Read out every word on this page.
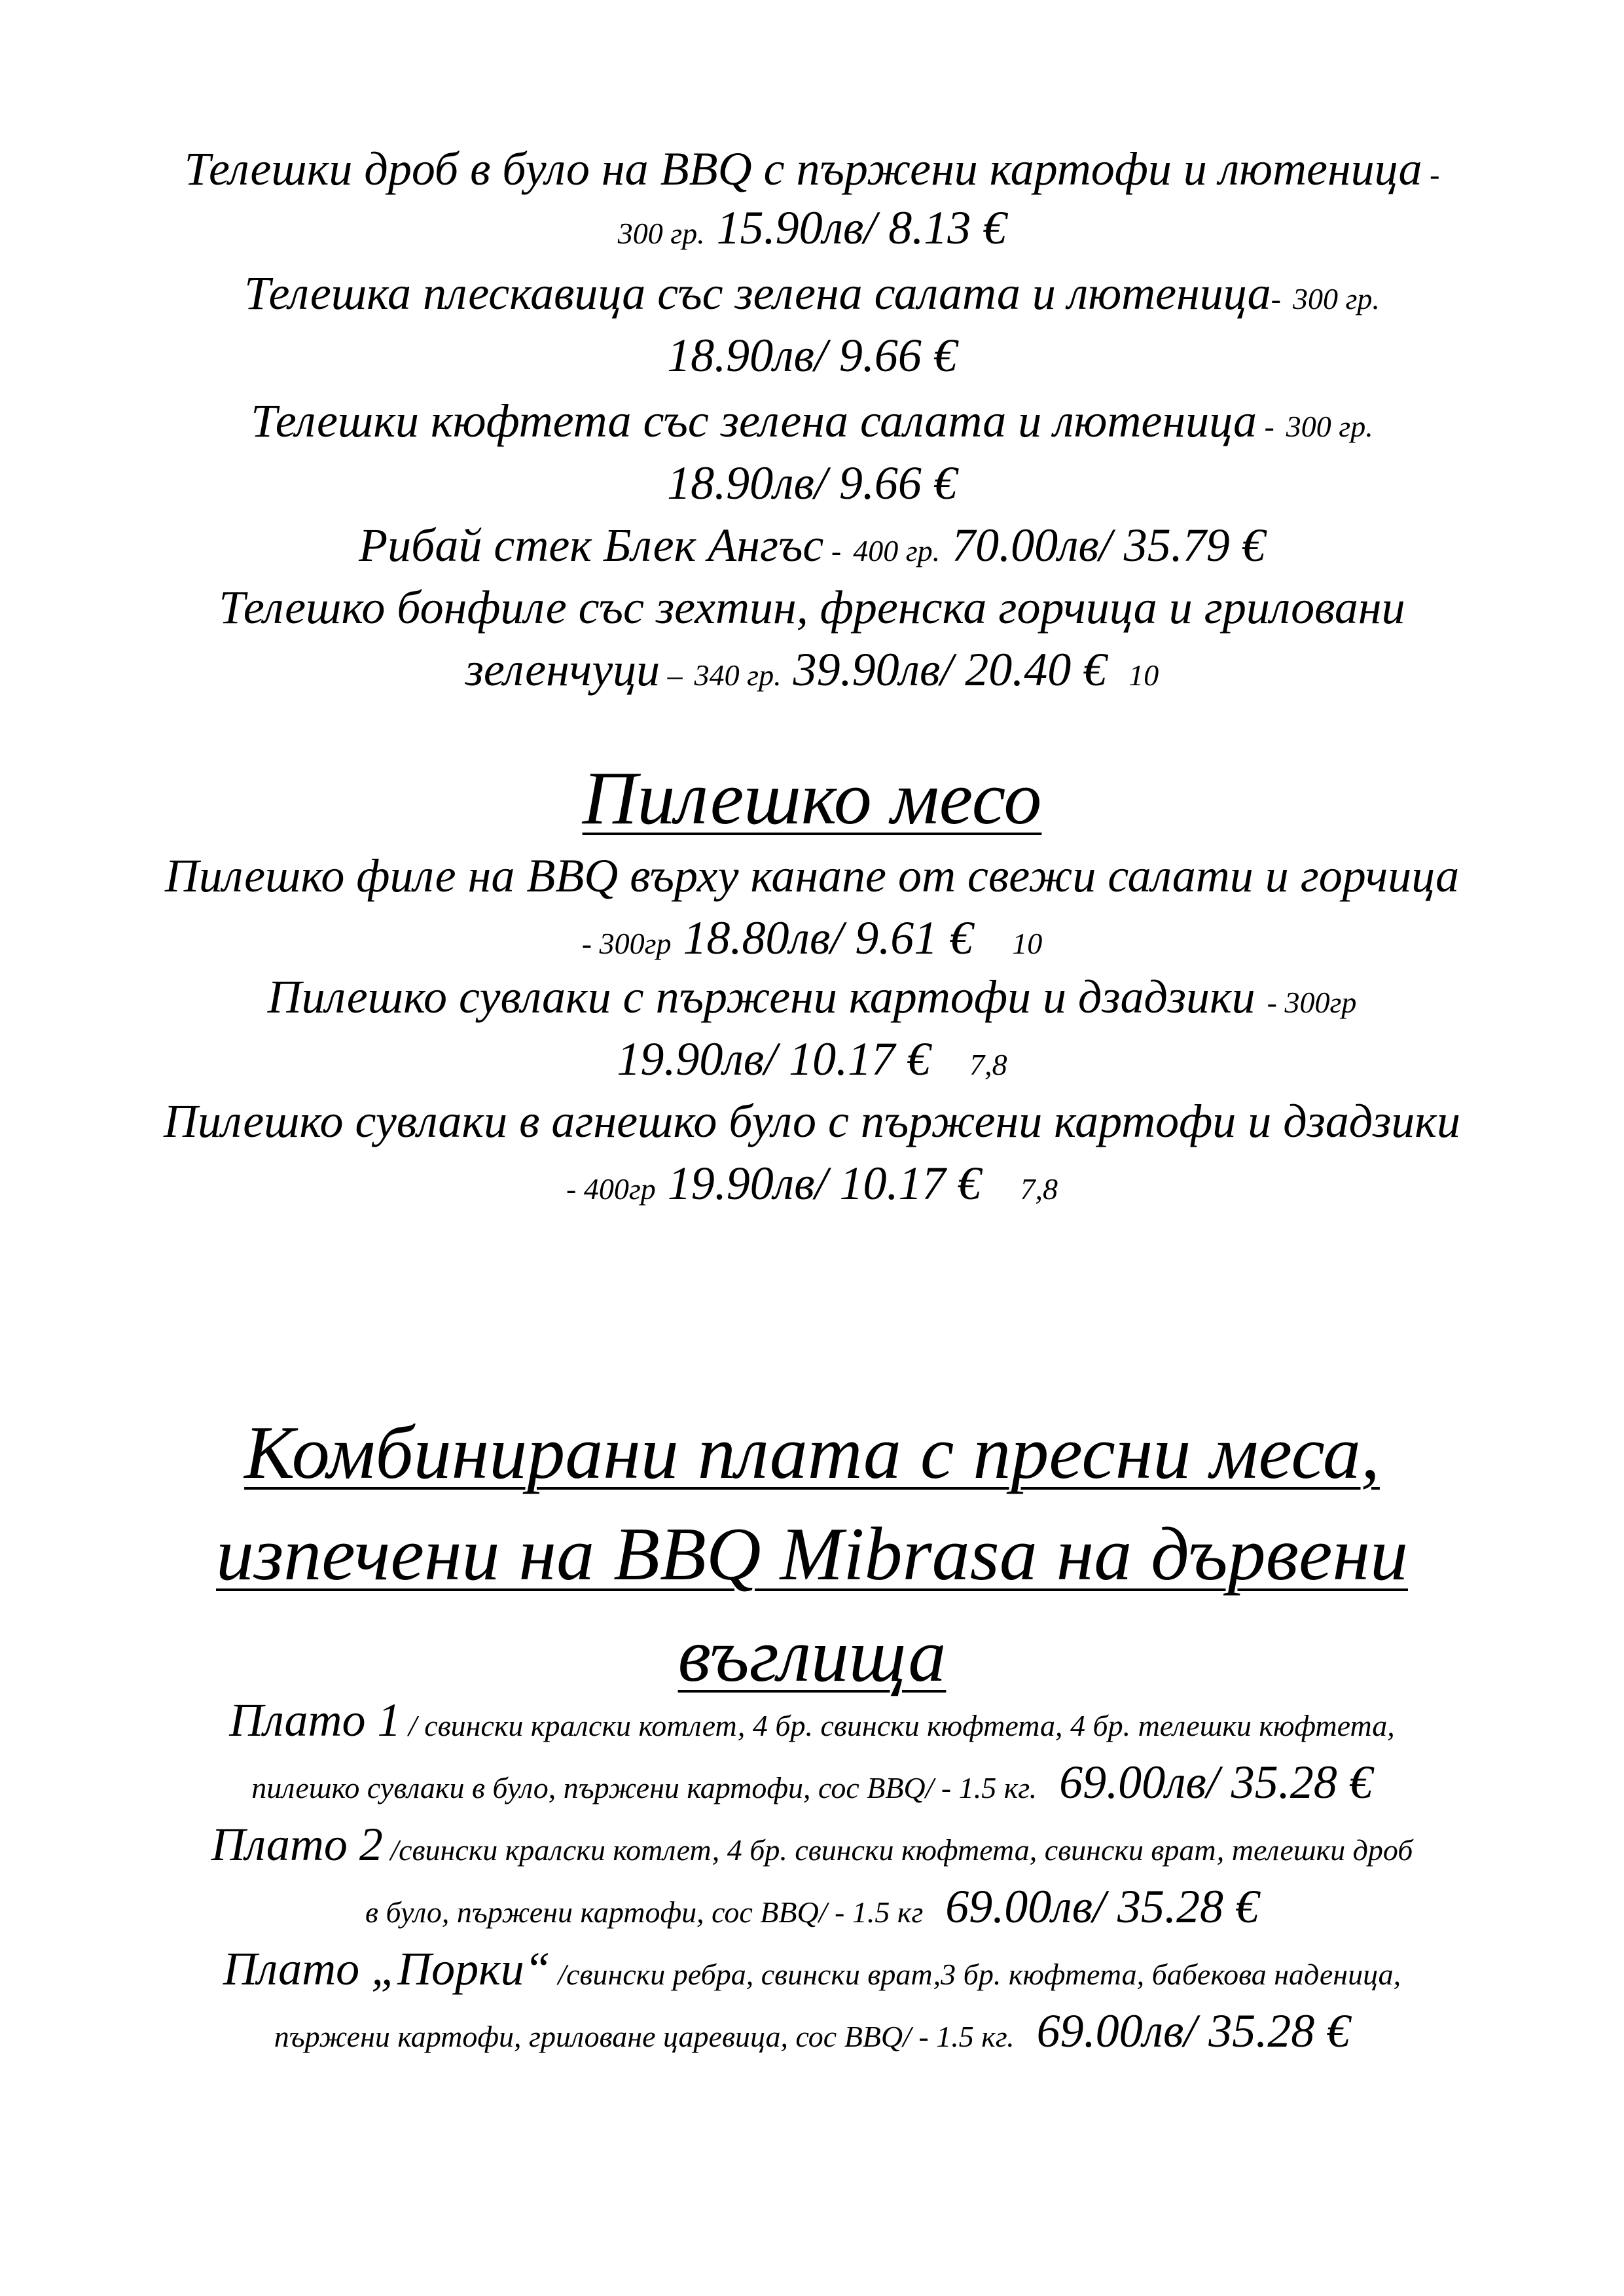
Телешки дроб в було на BBQ с пържени картофи и лютеница -
300 гр. 15.90лв/ 8.13 €
Телешка плескавица със зелена салата и лютеница- 300 гр.
18.90лв/ 9.66 €
Телешки кюфтета със зелена салата и лютеница - 300 гр.
18.90лв/ 9.66 €
Рибай стек Блек Ангъс - 400 гр. 70.00лв/ 35.79 €
Телешко бонфиле със зехтин, френска горчица и гриловани
зеленчуци – 340 гр. 39.90лв/ 20.40 € 10
Пилешко месо
Пилешко филе на BBQ върху канапе от свежи салати и горчица
- 300гр 18.80лв/ 9.61 € 10
Пилешко сувлаки с пържени картофи и дзадзики - 300гр
19.90лв/ 10.17 € 7,8
Пилешко сувлаки в агнешко було с пържени картофи и дзадзики
- 400гр 19.90лв/ 10.17 € 7,8
Комбинирани плата с пресни меса,
изпечени на BBQ Mibrasa на дървени
въглища
Плато 1 / свински кралски котлет, 4 бр. свински кюфтета, 4 бр. телешки кюфтета,
пилешко сувлаки в було, пържени картофи, сос BBQ/ - 1.5 кг. 69.00лв/ 35.28 €
Плато 2 /свински кралски котлет, 4 бр. свински кюфтета, свински врат, телешки дроб
в було, пържени картофи, сос BBQ/ - 1.5 кг 69.00лв/ 35.28 €
Плато „Порки“ /свински ребра, свински врат,3 бр. кюфтета, бабекова наденица,
пържени картофи, гриловане царевица, сос BBQ/ - 1.5 кг. 69.00лв/ 35.28 €
